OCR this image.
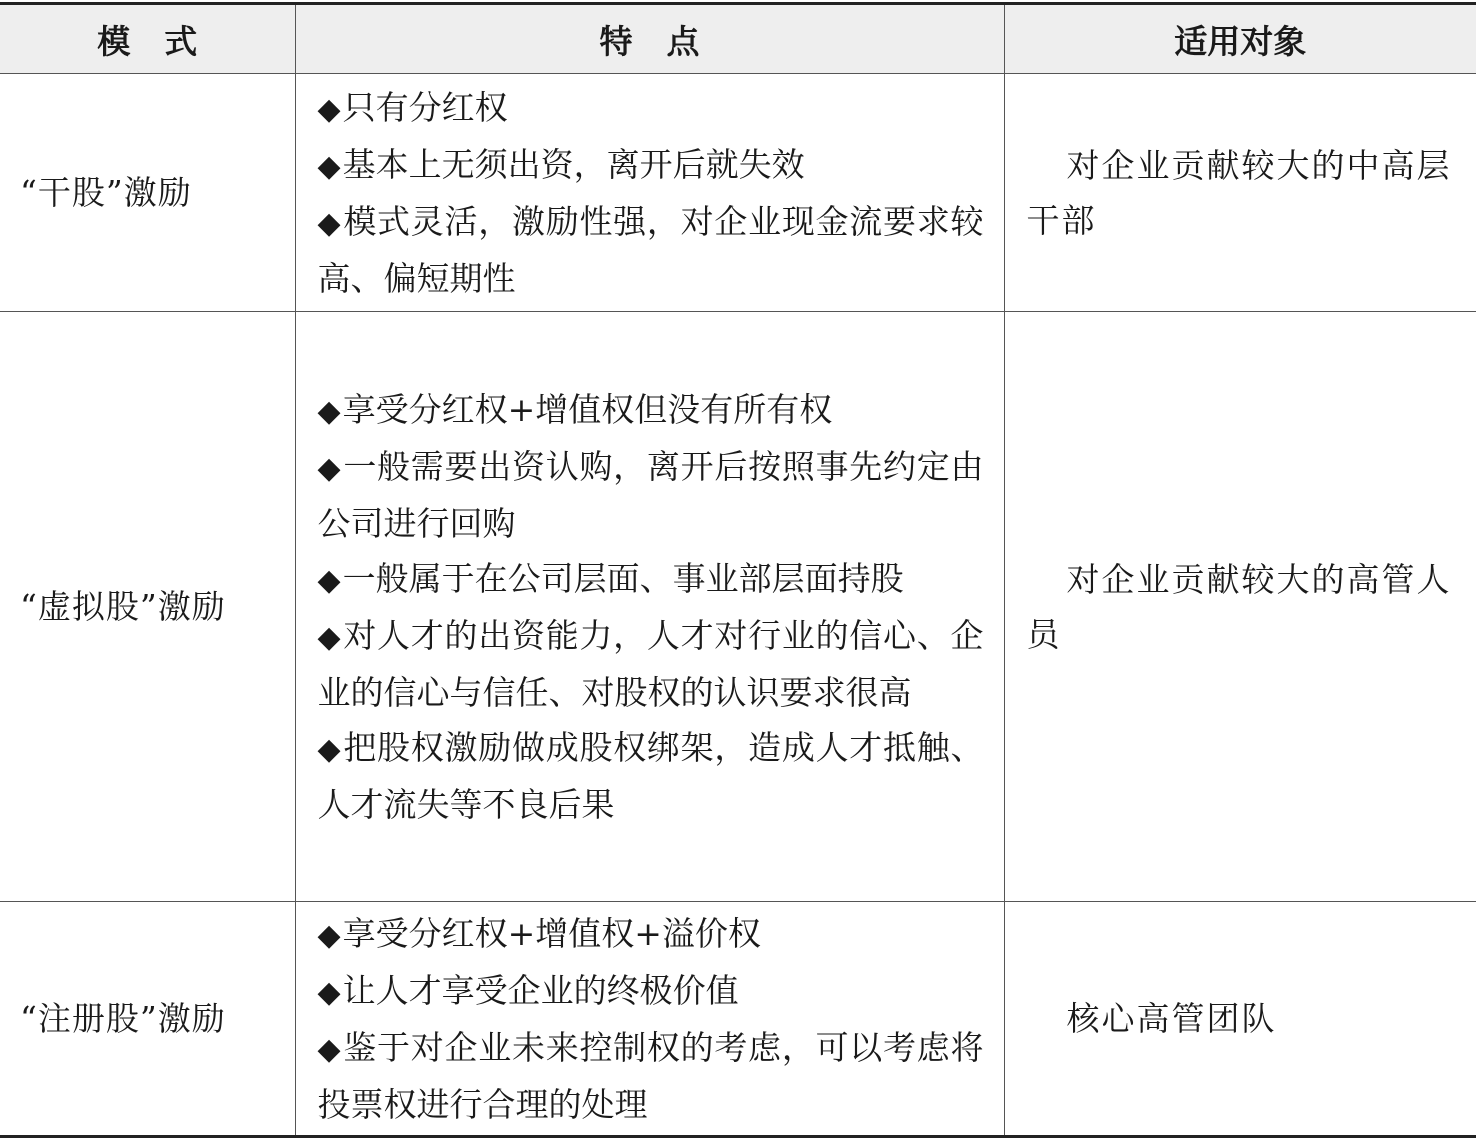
模式	特点	适用对象
“干股”激励	◆只有分红权
◆基本上无须出资，离开后就失效
◆模式灵活，激励性强，对企业现金流要求较高、偏短期性	对企业贡献较大的中高层干部
“虚拟股”激励	◆享受分红权+增值权但没有所有权
◆一般需要出资认购，离开后按照事先约定由公司进行回购
◆一般属于在公司层面、事业部层面持股
◆对人才的出资能力，人才对行业的信心、企业的信心与信任、对股权的认识要求很高
◆把股权激励做成股权绑架，造成人才抵触、人才流失等不良后果	对企业贡献较大的高管人员
“注册股”激励	◆享受分红权+增值权+溢价权
◆让人才享受企业的终极价值
◆鉴于对企业未来控制权的考虑，可以考虑将投票权进行合理的处理	核心高管团队
